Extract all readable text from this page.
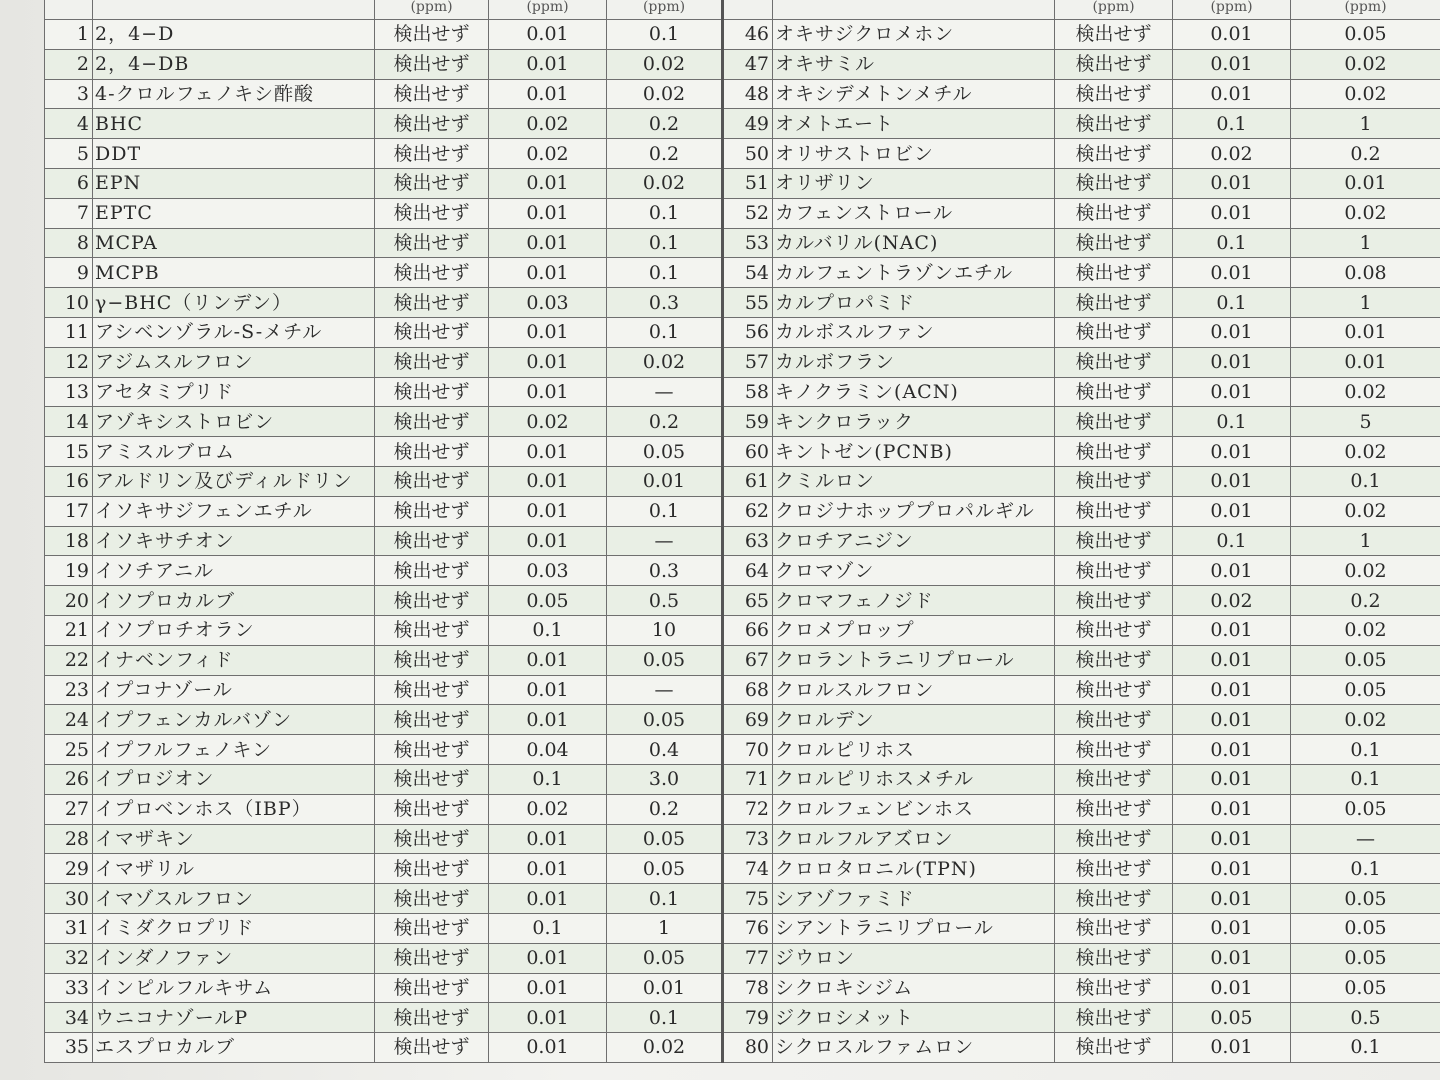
		(ppm)	(ppm)	(ppm)			(ppm)	(ppm)	(ppm)
1	2，4−D	検出せず	0.01	0.1	46	オキサジクロメホン	検出せず	0.01	0.05
2	2，4−DB	検出せず	0.01	0.02	47	オキサミル	検出せず	0.01	0.02
3	4-クロルフェノキシ酢酸	検出せず	0.01	0.02	48	オキシデメトンメチル	検出せず	0.01	0.02
4	BHC	検出せず	0.02	0.2	49	オメトエート	検出せず	0.1	1
5	DDT	検出せず	0.02	0.2	50	オリサストロビン	検出せず	0.02	0.2
6	EPN	検出せず	0.01	0.02	51	オリザリン	検出せず	0.01	0.01
7	EPTC	検出せず	0.01	0.1	52	カフェンストロール	検出せず	0.01	0.02
8	MCPA	検出せず	0.01	0.1	53	カルバリル(NAC)	検出せず	0.1	1
9	MCPB	検出せず	0.01	0.1	54	カルフェントラゾンエチル	検出せず	0.01	0.08
10	γ−BHC（リンデン）	検出せず	0.03	0.3	55	カルプロパミド	検出せず	0.1	1
11	アシベンゾラル-S-メチル	検出せず	0.01	0.1	56	カルボスルファン	検出せず	0.01	0.01
12	アジムスルフロン	検出せず	0.01	0.02	57	カルボフラン	検出せず	0.01	0.01
13	アセタミプリド	検出せず	0.01	—	58	キノクラミン(ACN)	検出せず	0.01	0.02
14	アゾキシストロビン	検出せず	0.02	0.2	59	キンクロラック	検出せず	0.1	5
15	アミスルブロム	検出せず	0.01	0.05	60	キントゼン(PCNB)	検出せず	0.01	0.02
16	アルドリン及びディルドリン	検出せず	0.01	0.01	61	クミルロン	検出せず	0.01	0.1
17	イソキサジフェンエチル	検出せず	0.01	0.1	62	クロジナホッププロパルギル	検出せず	0.01	0.02
18	イソキサチオン	検出せず	0.01	—	63	クロチアニジン	検出せず	0.1	1
19	イソチアニル	検出せず	0.03	0.3	64	クロマゾン	検出せず	0.01	0.02
20	イソプロカルブ	検出せず	0.05	0.5	65	クロマフェノジド	検出せず	0.02	0.2
21	イソプロチオラン	検出せず	0.1	10	66	クロメプロップ	検出せず	0.01	0.02
22	イナベンフィド	検出せず	0.01	0.05	67	クロラントラニリプロール	検出せず	0.01	0.05
23	イプコナゾール	検出せず	0.01	—	68	クロルスルフロン	検出せず	0.01	0.05
24	イプフェンカルバゾン	検出せず	0.01	0.05	69	クロルデン	検出せず	0.01	0.02
25	イプフルフェノキン	検出せず	0.04	0.4	70	クロルピリホス	検出せず	0.01	0.1
26	イプロジオン	検出せず	0.1	3.0	71	クロルピリホスメチル	検出せず	0.01	0.1
27	イプロベンホス（IBP）	検出せず	0.02	0.2	72	クロルフェンビンホス	検出せず	0.01	0.05
28	イマザキン	検出せず	0.01	0.05	73	クロルフルアズロン	検出せず	0.01	—
29	イマザリル	検出せず	0.01	0.05	74	クロロタロニル(TPN)	検出せず	0.01	0.1
30	イマゾスルフロン	検出せず	0.01	0.1	75	シアゾファミド	検出せず	0.01	0.05
31	イミダクロプリド	検出せず	0.1	1	76	シアントラニリプロール	検出せず	0.01	0.05
32	インダノファン	検出せず	0.01	0.05	77	ジウロン	検出せず	0.01	0.05
33	インピルフルキサム	検出せず	0.01	0.01	78	シクロキシジム	検出せず	0.01	0.05
34	ウニコナゾールP	検出せず	0.01	0.1	79	ジクロシメット	検出せず	0.05	0.5
35	エスプロカルブ	検出せず	0.01	0.02	80	シクロスルファムロン	検出せず	0.01	0.1
